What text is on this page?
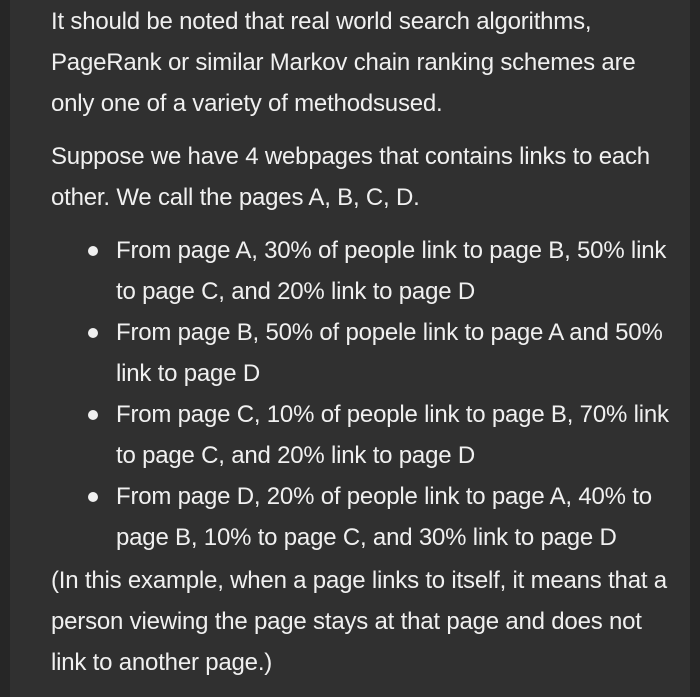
It should be noted that real world search algorithms, PageRank or similar Markov chain ranking schemes are only one of a variety of methodsused.

Suppose we have 4 webpages that contains links to each other. We call the pages A, B, C, D.

From page A, 30% of people link to page B, 50% link to page C, and 20% link to page D
From page B, 50% of popele link to page A and 50% link to page D
From page C, 10% of people link to page B, 70% link to page C, and 20% link to page D
From page D, 20% of people link to page A, 40% to page B, 10% to page C, and 30% link to page D

(In this example, when a page links to itself, it means that a person viewing the page stays at that page and does not link to another page.)
